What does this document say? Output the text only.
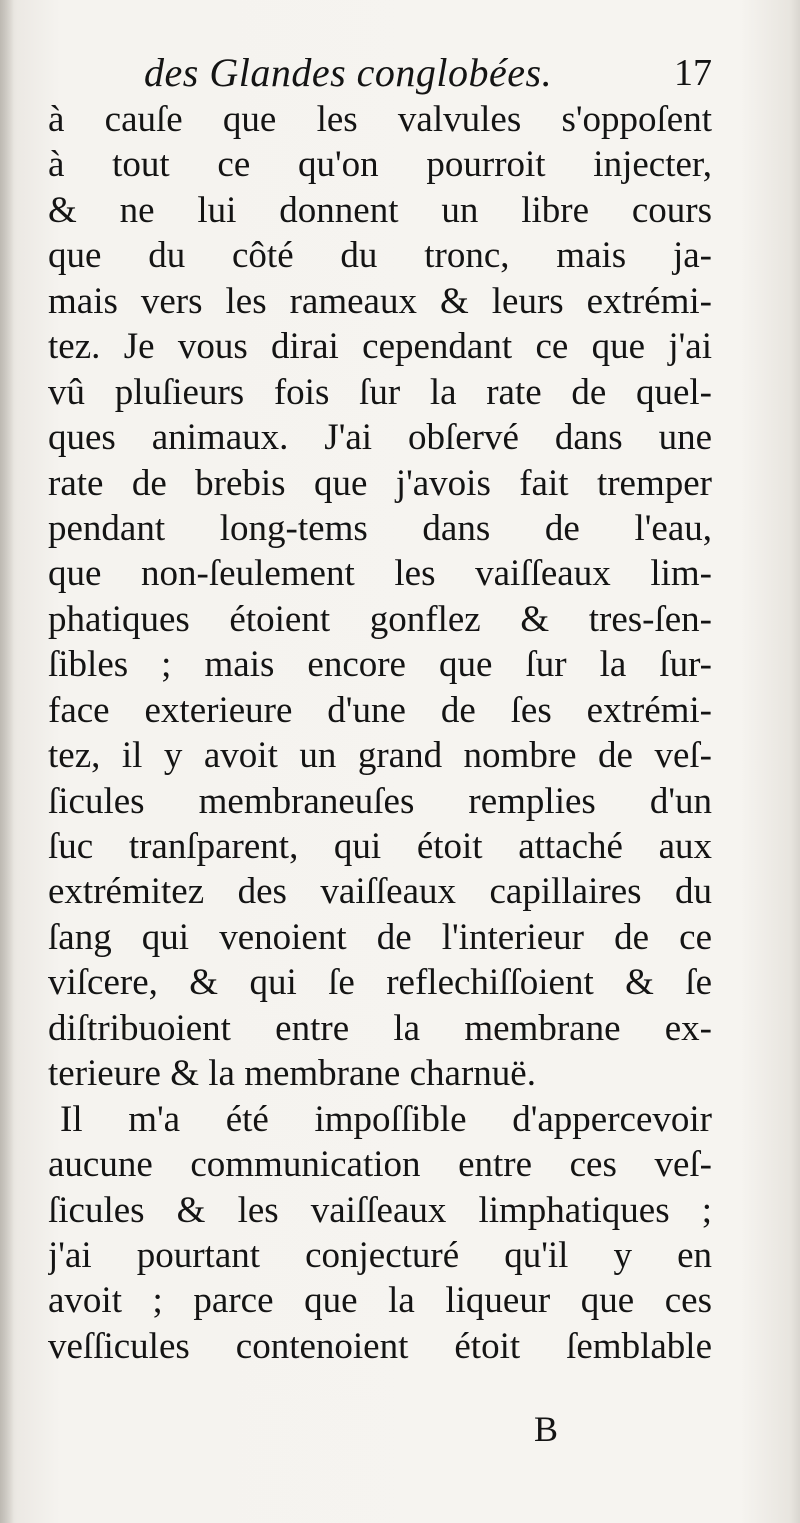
des Glandes conglobées.	17
à cauſe que les valvules s'oppoſent
à tout ce qu'on pourroit injecter,
& ne lui donnent un libre cours
que du côté du tronc, mais ja-
mais vers les rameaux & leurs extrémi-
tez. Je vous dirai cependant ce que j'ai
vû pluſieurs fois ſur la rate de quel-
ques animaux. J'ai obſervé dans une
rate de brebis que j'avois fait tremper
pendant long-tems dans de l'eau,
que non-ſeulement les vaiſſeaux lim-
phatiques étoient gonflez & tres-ſen-
ſibles ; mais encore que ſur la ſur-
face exterieure d'une de ſes extrémi-
tez, il y avoit un grand nombre de veſ-
ſicules membraneuſes remplies d'un
ſuc tranſparent, qui étoit attaché aux
extrémitez des vaiſſeaux capillaires du
ſang qui venoient de l'interieur de ce
viſcere, & qui ſe reflechiſſoient & ſe
diſtribuoient entre la membrane ex-
terieure & la membrane charnuë.
Il m'a été impoſſible d'appercevoir
aucune communication entre ces veſ-
ſicules & les vaiſſeaux limphatiques ;
j'ai pourtant conjecturé qu'il y en
avoit ; parce que la liqueur que ces
veſſicules contenoient étoit ſemblable
B
